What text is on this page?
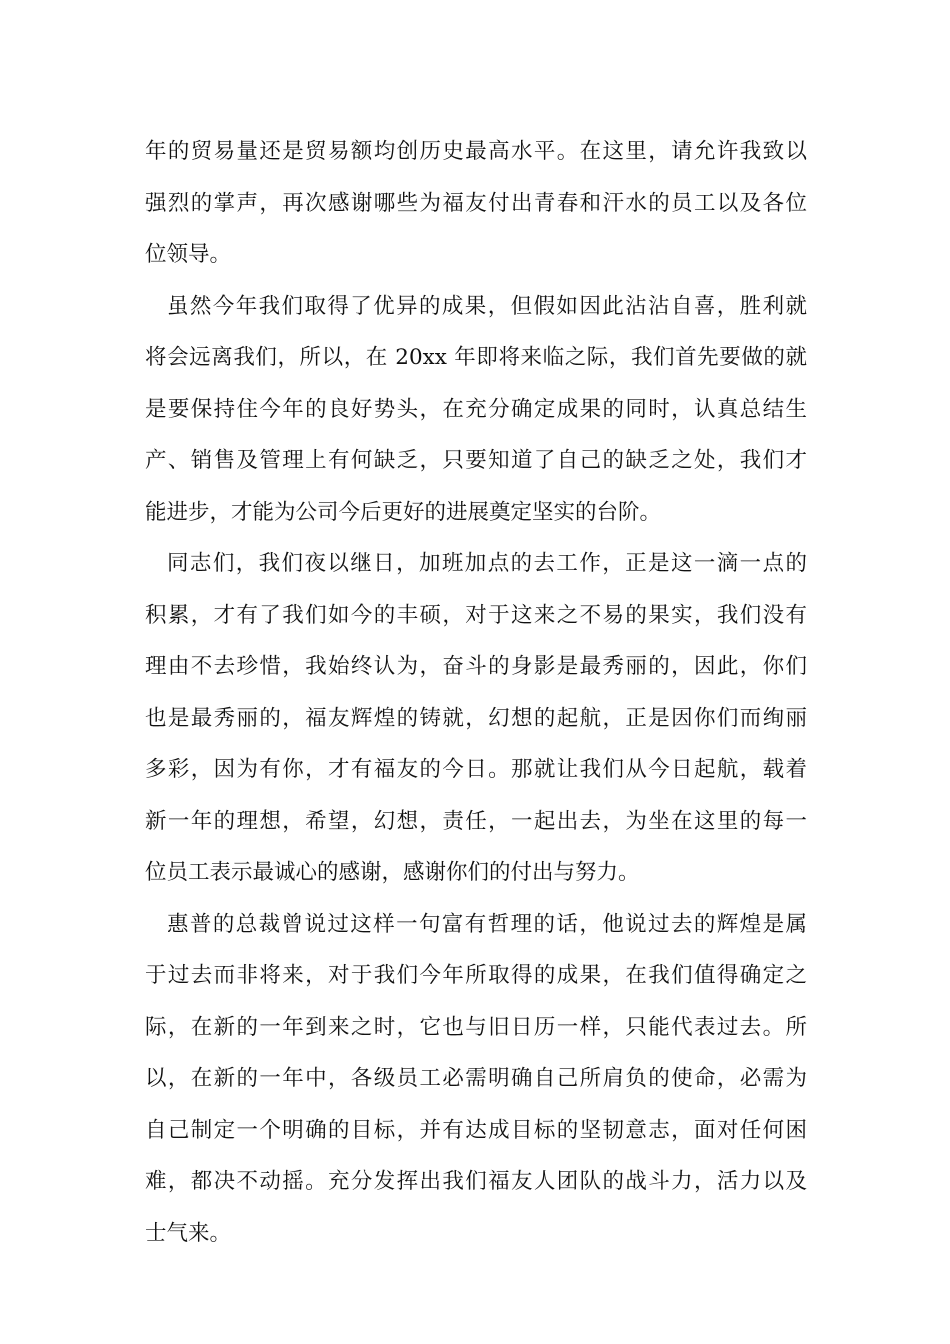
年的贸易量还是贸易额均创历史最高水平。在这里，请允许我致以
强烈的掌声，再次感谢哪些为福友付出青春和汗水的员工以及各位
位领导。
虽然今年我们取得了优异的成果，但假如因此沾沾自喜，胜利就
将会远离我们，所以，在 20xx 年即将来临之际，我们首先要做的就
是要保持住今年的良好势头，在充分确定成果的同时，认真总结生
产、销售及管理上有何缺乏，只要知道了自己的缺乏之处，我们才
能进步，才能为公司今后更好的进展奠定坚实的台阶。
同志们，我们夜以继日，加班加点的去工作，正是这一滴一点的
积累，才有了我们如今的丰硕，对于这来之不易的果实，我们没有
理由不去珍惜，我始终认为，奋斗的身影是最秀丽的，因此，你们
也是最秀丽的，福友辉煌的铸就，幻想的起航，正是因你们而绚丽
多彩，因为有你，才有福友的今日。那就让我们从今日起航，载着
新一年的理想，希望，幻想，责任，一起出去，为坐在这里的每一
位员工表示最诚心的感谢，感谢你们的付出与努力。
惠普的总裁曾说过这样一句富有哲理的话，他说过去的辉煌是属
于过去而非将来，对于我们今年所取得的成果，在我们值得确定之
际，在新的一年到来之时，它也与旧日历一样，只能代表过去。所
以，在新的一年中，各级员工必需明确自己所肩负的使命，必需为
自己制定一个明确的目标，并有达成目标的坚韧意志，面对任何困
难，都决不动摇。充分发挥出我们福友人团队的战斗力，活力以及
士气来。
